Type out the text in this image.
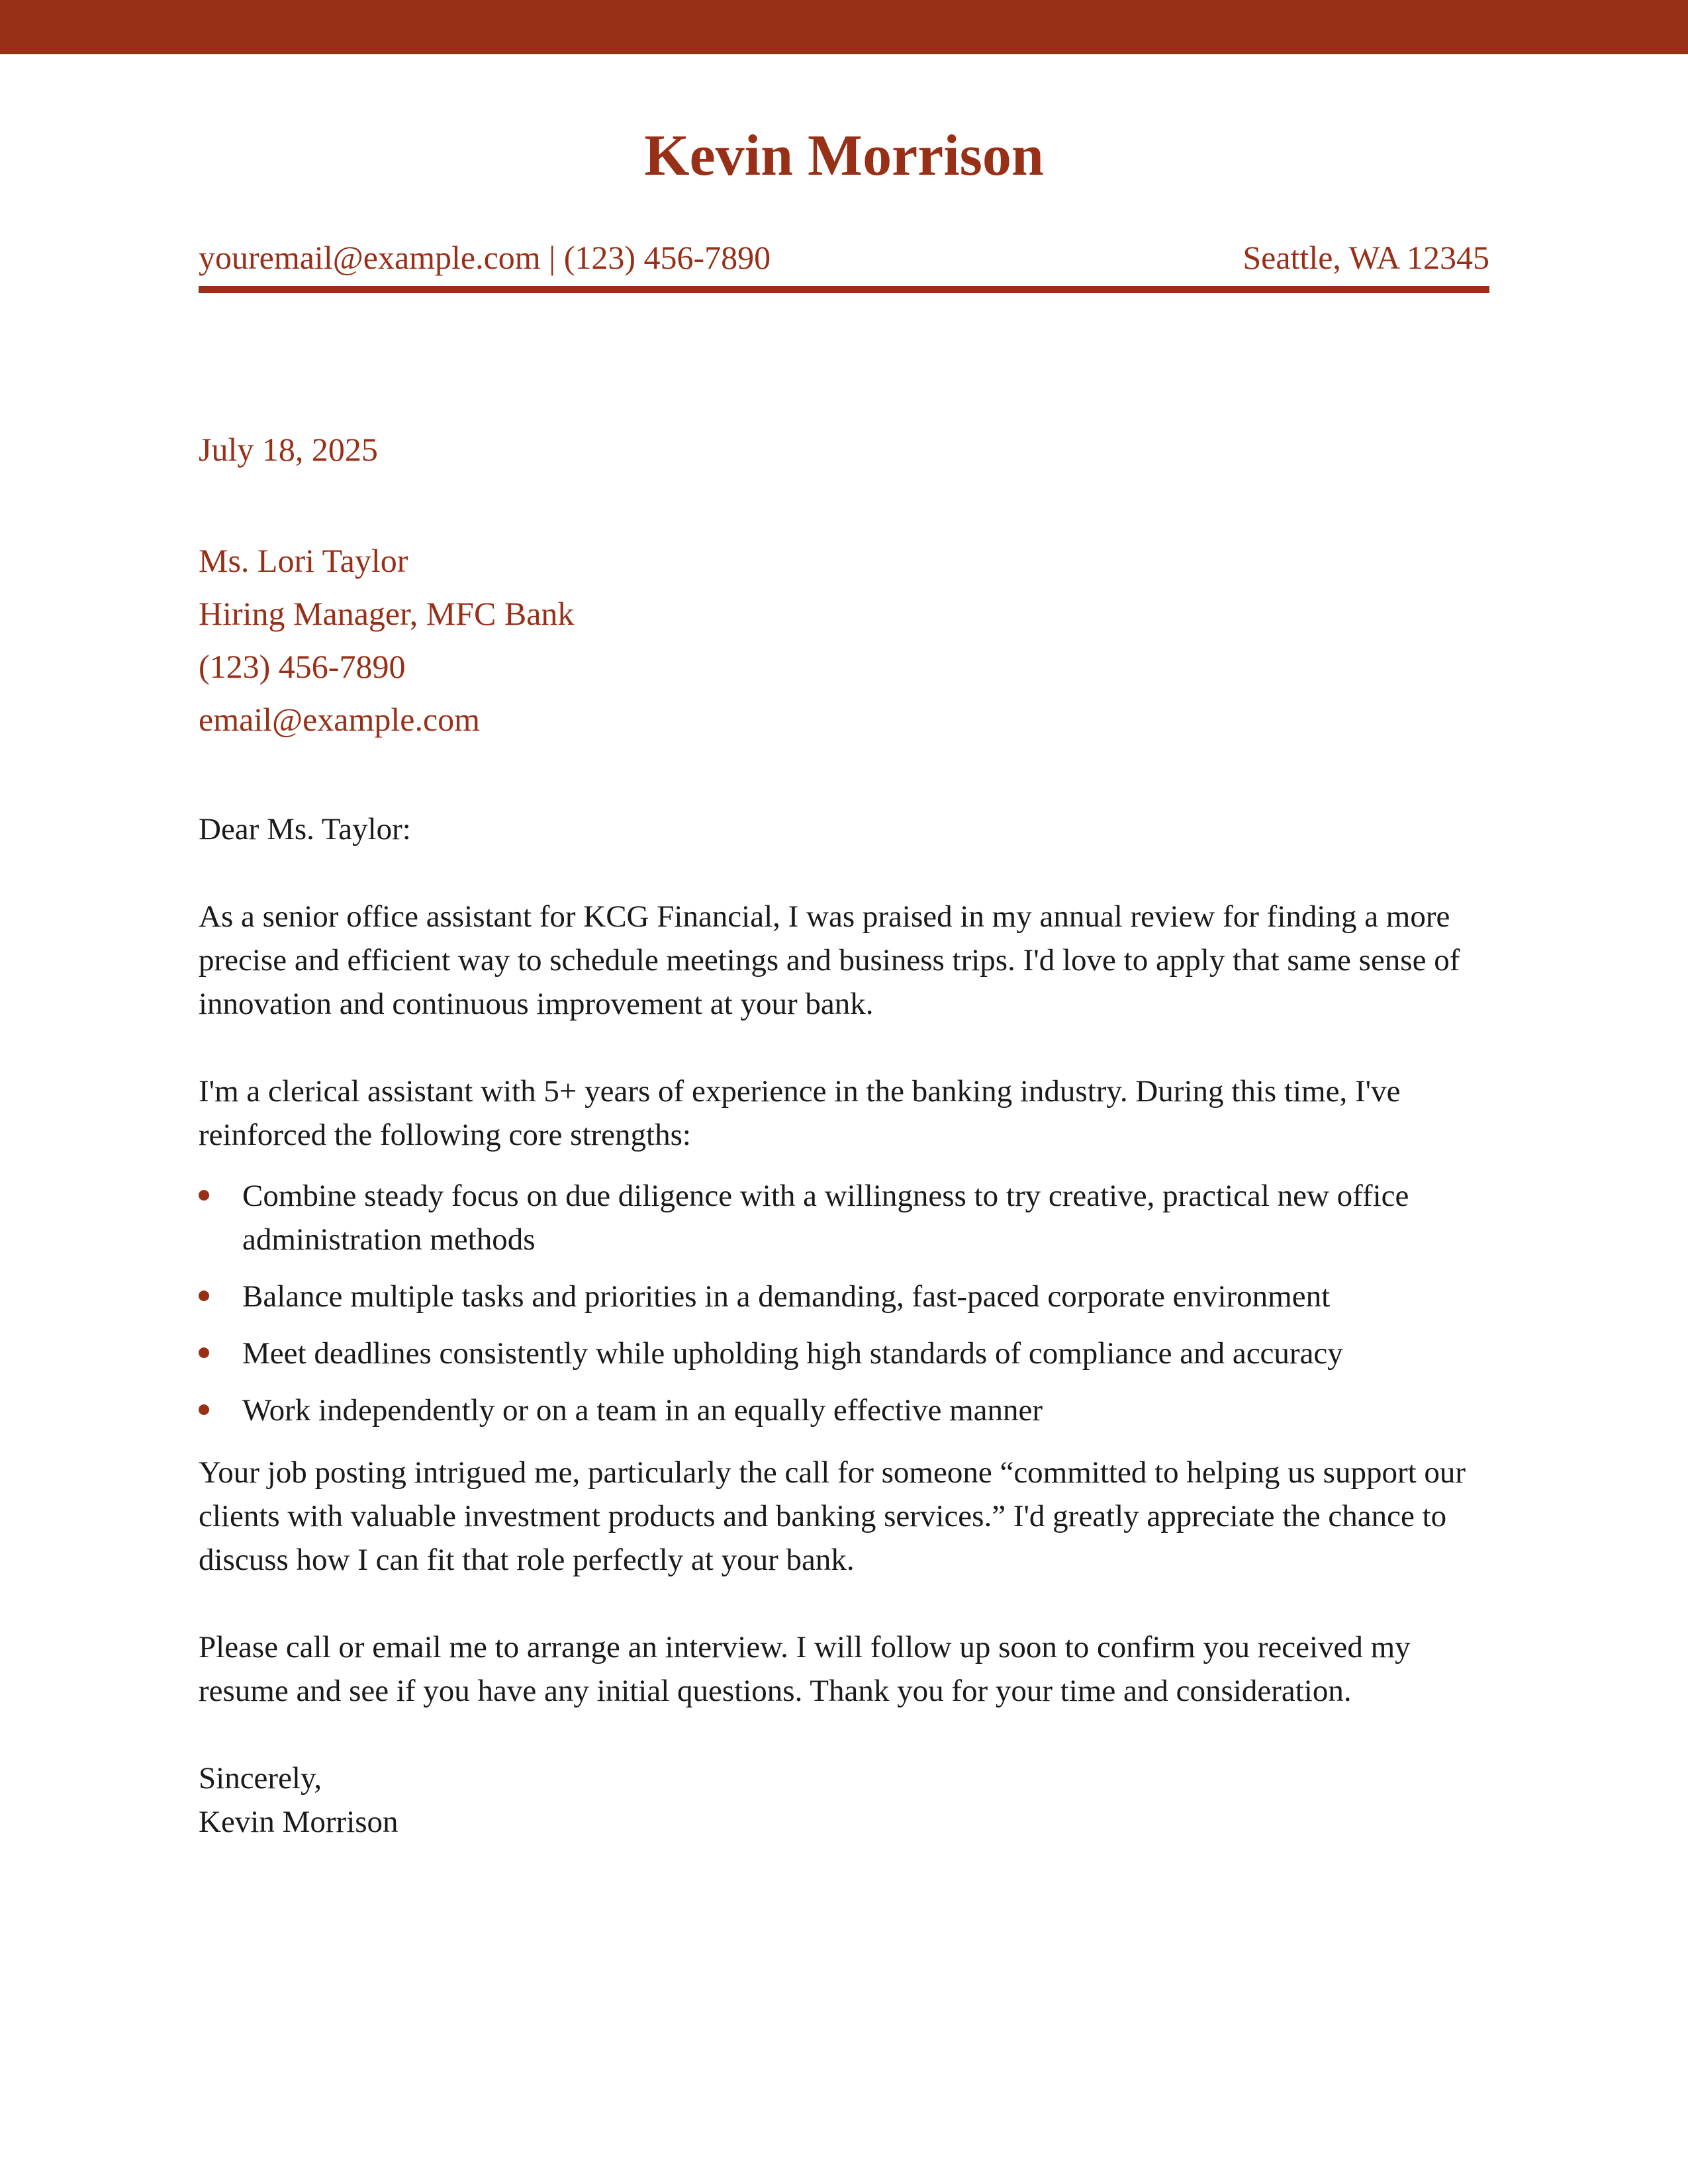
Kevin Morrison
youremail@example.com | (123) 456-7890	Seattle, WA 12345
July 18, 2025
Ms. Lori Taylor
Hiring Manager, MFC Bank
(123) 456-7890
email@example.com

Dear Ms. Taylor:

As a senior office assistant for KCG Financial, I was praised in my annual review for finding a more precise and efficient way to schedule meetings and business trips. I'd love to apply that same sense of innovation and continuous improvement at your bank.

I'm a clerical assistant with 5+ years of experience in the banking industry. During this time, I've reinforced the following core strengths:

Combine steady focus on due diligence with a willingness to try creative, practical new office administration methods
Balance multiple tasks and priorities in a demanding, fast-paced corporate environment
Meet deadlines consistently while upholding high standards of compliance and accuracy
Work independently or on a team in an equally effective manner

Your job posting intrigued me, particularly the call for someone “committed to helping us support our clients with valuable investment products and banking services.” I'd greatly appreciate the chance to discuss how I can fit that role perfectly at your bank.

Please call or email me to arrange an interview. I will follow up soon to confirm you received my resume and see if you have any initial questions. Thank you for your time and consideration.

Sincerely,

Kevin Morrison
